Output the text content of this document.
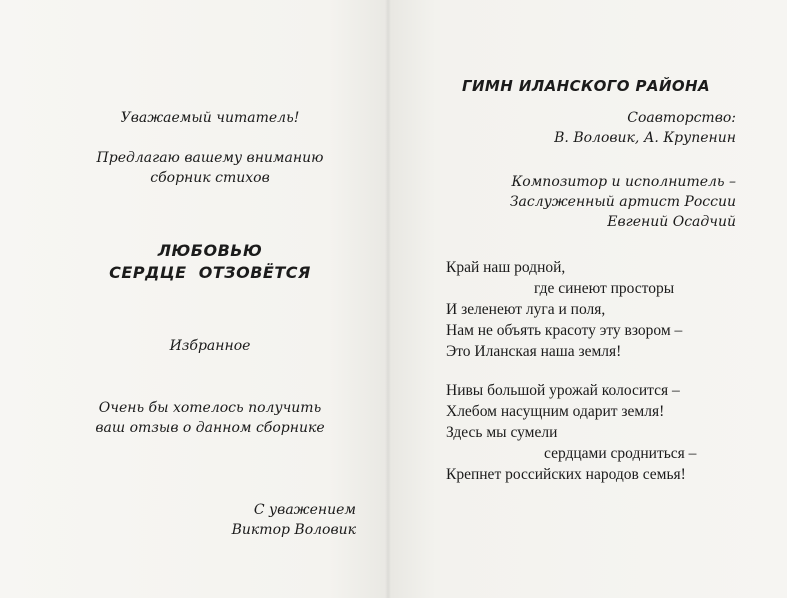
Уважаемый читатель!
Предлагаю вашему вниманию
сборник стихов
ЛЮБОВЬЮ
СЕРДЦЕ  ОТЗОВЁТСЯ
Избранное
Очень бы хотелось получить
ваш отзыв о данном сборнике
С уважением
Виктор Воловик
ГИМН ИЛАНСКОГО РАЙОНА
Соавторство:
В. Воловик, А. Крупенин
Композитор и исполнитель –
Заслуженный артист России
Евгений Осадчий
Край наш родной,
где синеют просторы
И зеленеют луга и поля,
Нам не объять красоту эту взором –
Это Иланская наша земля!
Нивы большой урожай колосится –
Хлебом насущним одарит земля!
Здесь мы сумели
сердцами сродниться –
Крепнет российских народов семья!
